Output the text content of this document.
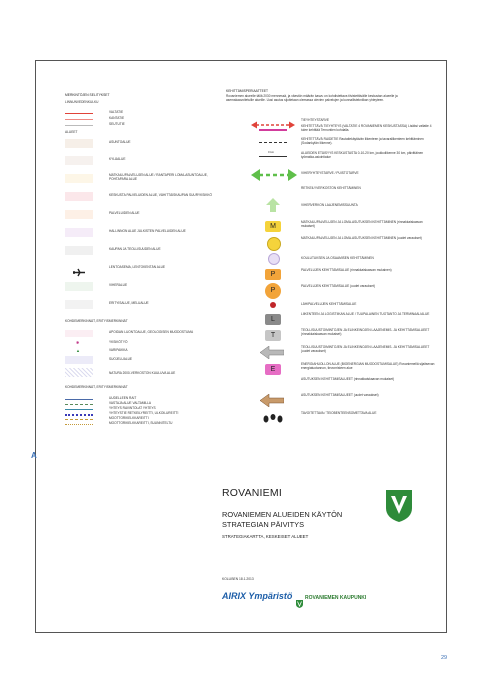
MERKINTÖJEN SELITYKSET
LINNUNVEDENKULKU
VALTATIE
KANTATIE
SEUTUTIE
ALUEET
ASUNTOALUE
KYLÄALUE
MATKAILUPALVELUJEN ALUE / RANTAPERI LOMA-ASUNTOALUE, POHTAPARA ALUE
KESKUSTA PALVELUIDEN ALUE, VÄHITTÄISKAUPAN SUURYKSIKKÖ
PALVELUIDEN ALUE
HALLINNON ALUE JULKISTEN PALVELUIDEN ALUE
KAUPAN JA TEOLLISUUDEN ALUE
LENTOASEMA, LENTOKENTÄN ALUE
VIHERALUE
ERITYISALUE, MELUALUE
KOHDEMERKINNÄT, ERITYISMERKINNÄT
APOIDAN LUONTOALUE, GEOLOGISEN MUODOSTUMA
✱	YKSIKÖTYÖ
▲	VARIPAIKKA
SUOJELUALUE
NATURA 2000-VERKOSTON KUULUVA ALUE
KOHDEMERKINNÄT, ERITYISMERKINNÄT
UUDELLEEN RAIT
VASTAJA ALUE VALTAMILLA
YHTEYS RAVINTOLAT YHTEYS
YHTEYSTIE RETKEILYREITTI, ULKOILUREITTI
MOOTTORIKELKKAREITTI
MOOTTORIKELKKAREITTI, SUUNNITELTU
KEHITTÄMISPERIAATTEET
Rovaniemen alueelle tällä 2030 mennessä, ja väestön määrän kasvu on kohdistettava tiivistettävälle keskustan alueelle ja asemakaavoitetuille alueille. Uusi asutus sijoitetaan olemassa olevien palvelujen ja kunnallistekniikan yhteyteen.
TIEYHTEYSTARVE
KEHITETTÄVÄ TIEYHTEYS (VALTATIE 4 ROVANIEMEN KESKUSTASSA) Lisäksi valtatie 4 tulee kehittää Ternontien kohdalla.
KEHITETTÄVÄ RAIDETIE Rautatiekäytävän liikenteen ja tavaraliikenteen kehittäminen (Sodankylän liikenne).
0 km	ALUEIDEN ETÄISYYS KESKUSTASTA 0-10-20 km, joukkoliikenne 30 km, päivittäinen työmatka-asiointialue
VIHERYHTEYSTARVE / PUISTOTARVE
RETKEILYVERKOSTON KEHITTÄMINEN
VIHERVERKON LAAJENEMISSUUNTA
M
MATKAILUPALVELUJEN JA LOMA-ASUTUKSEN KEHITTÄMINEN (rinnakkaiskaavan mukaiset)
MATKAILUPALVELUJEN JA LOMA-ASUTUKSEN KEHITTÄMINEN (uudet varaukset)
KOULUTUKSEN JA OSAAMISEN KEHITTÄMINEN
P
PALVELUJEN KEHITTÄMISALUE (rinnakkaiskaavan mukainen)
P
PALVELUJEN KEHITTÄMISALUE (uudet varaukset)
LÄHIPALVELUJEN KEHITTÄMISALUE
L
LIIKENTEEN JA LOGISTIIKAN ALUE / TUUPALAINEN TUOTANTO JA TERMINAALIALUE
T
TEOLLISUUSTOIMINTOJEN JA ELINKEINOJEN LAAJENEMIS- JA KEHITTÄMISALUEET (rinnakkaiskaavan mukaiset)
TEOLLISUUSTOIMINTOJEN JA ELINKEINOJEN LAAJENEMIS- JA KEHITTÄMISALUEET (uudet varaukset)
E
ENERGIAHUOLLON ALUE (BIOENERGIAN MUODOSTUMISALUE) Rovaniemellä sijaitsevan energiatuotannon, tievonristeen alue
ASUTUKSEN KEHITTÄMISALUEET (rinnakkaiskaavan mukaiset)
ASUTUKSEN KEHITTÄMISALUEET (uudet varaukset)
TAVOITETTAVA / TEIOBENTEENSOMETTAVA ALUE
ROVANIEMI
ROVANIEMEN ALUEIDEN KÄYTÖN
STRATEGIAN PÄIVITYS
STRATEGIAKARTTA, KESKEISET ALUEET
KOLLIBEN 18.1.2013
AIRIX Ympäristö	ROVANIEMEN KAUPUNKI
A
29
